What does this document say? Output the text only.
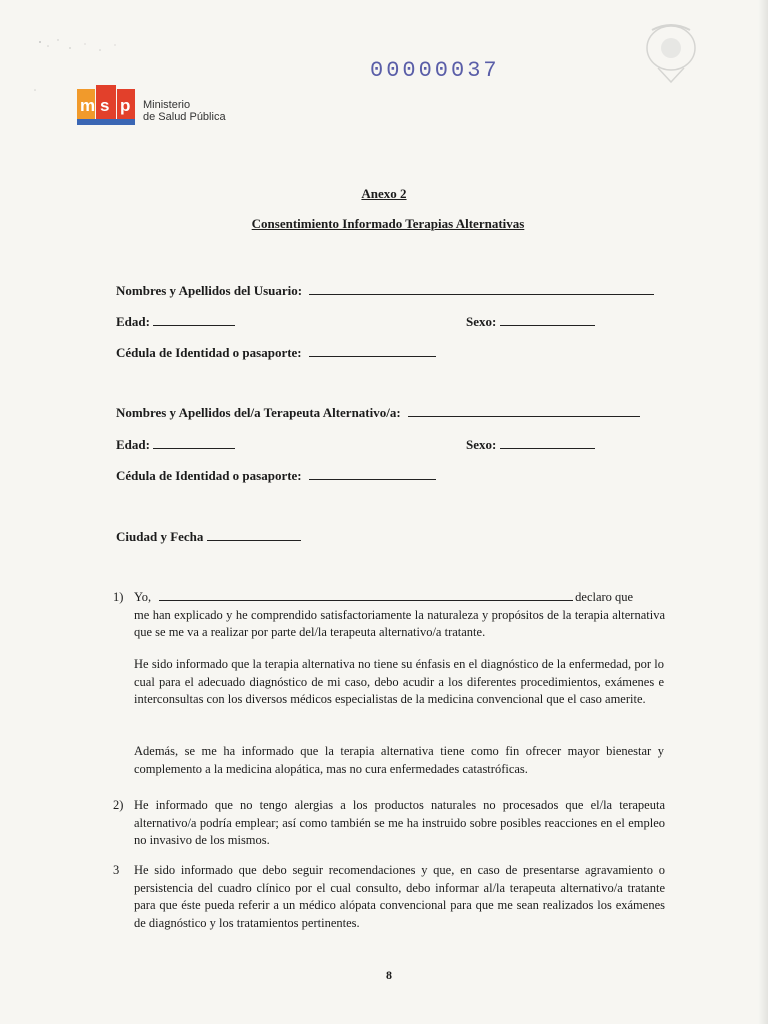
00000037
m s p Ministerio
de Salud Pública
Anexo 2
Consentimiento Informado Terapias Alternativas
Nombres y Apellidos del Usuario:
Edad:	Sexo:
Cédula de Identidad o pasaporte:
Nombres y Apellidos del/a Terapeuta Alternativo/a:
Edad:	Sexo:
Cédula de Identidad o pasaporte:
Ciudad y Fecha
1) Yo,	declaro que
me han explicado y he comprendido satisfactoriamente la naturaleza y propósitos de la terapia alternativa que se me va a realizar por parte del/la terapeuta alternativo/a tratante.
He sido informado que la terapia alternativa no tiene su énfasis en el diagnóstico de la enfermedad, por lo cual para el adecuado diagnóstico de mi caso, debo acudir a los diferentes procedimientos, exámenes e interconsultas con los diversos médicos especialistas de la medicina convencional que el caso amerite.
Además, se me ha informado que la terapia alternativa tiene como fin ofrecer mayor bienestar y complemento a la medicina alopática, mas no cura enfermedades catastróficas.
2) He informado que no tengo alergias a los productos naturales no procesados que el/la terapeuta alternativo/a podría emplear; así como también se me ha instruido sobre posibles reacciones en el empleo no invasivo de los mismos.
3 He sido informado que debo seguir recomendaciones y que, en caso de presentarse agravamiento o persistencia del cuadro clínico por el cual consulto, debo informar al/la terapeuta alternativo/a tratante para que éste pueda referir a un médico alópata convencional para que me sean realizados los exámenes de diagnóstico y los tratamientos pertinentes.
8
